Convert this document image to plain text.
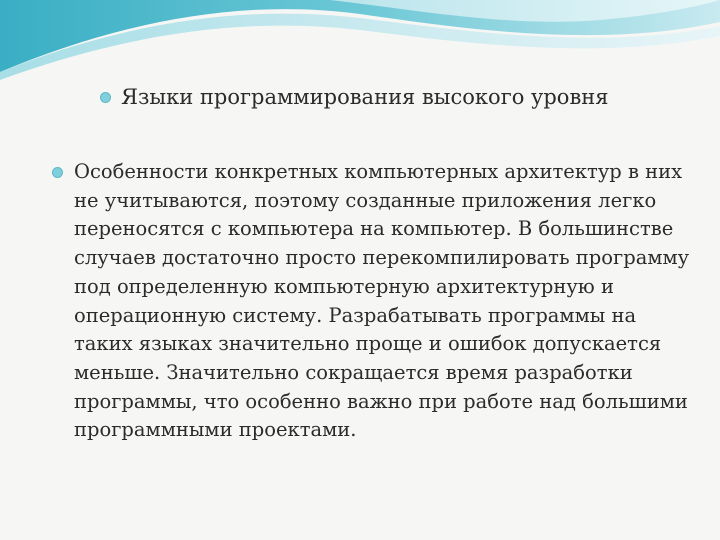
Языки программирования высокого уровня
Особенности конкретных компьютерных архитектур в них не учитываются, поэтому созданные приложения легко переносятся с компьютера на компьютер. В большинстве случаев достаточно просто перекомпилировать программу под определенную компьютерную архитектурную и операционную систему. Разрабатывать программы на таких языках значительно проще и ошибок допускается меньше. Значительно сокращается время разработки программы, что особенно важно при работе над большими программными проектами.
